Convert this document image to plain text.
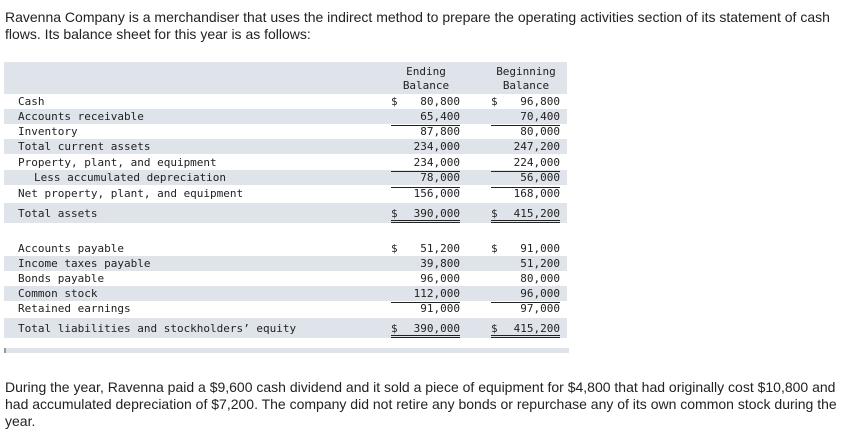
Ravenna Company is a merchandiser that uses the indirect method to prepare the operating activities section of its statement of cash flows. Its balance sheet for this year is as follows:
Ending
Balance
Beginning
Balance
Cash	$ 80,800	$ 96,800
Accounts receivable	65,400	70,400
Inventory	87,800	80,000
Total current assets	234,000	247,200
Property, plant, and equipment	234,000	224,000
Less accumulated depreciation	78,000	56,000
Net property, plant, and equipment	156,000	168,000
Total assets	$ 390,000	$ 415,200
Accounts payable	$ 51,200	$ 91,000
Income taxes payable	39,800	51,200
Bonds payable	96,000	80,000
Common stock	112,000	96,000
Retained earnings	91,000	97,000
Total liabilities and stockholders’ equity	$ 390,000	$ 415,200
During the year, Ravenna paid a $9,600 cash dividend and it sold a piece of equipment for $4,800 that had originally cost $10,800 and had accumulated depreciation of $7,200. The company did not retire any bonds or repurchase any of its own common stock during the year.
